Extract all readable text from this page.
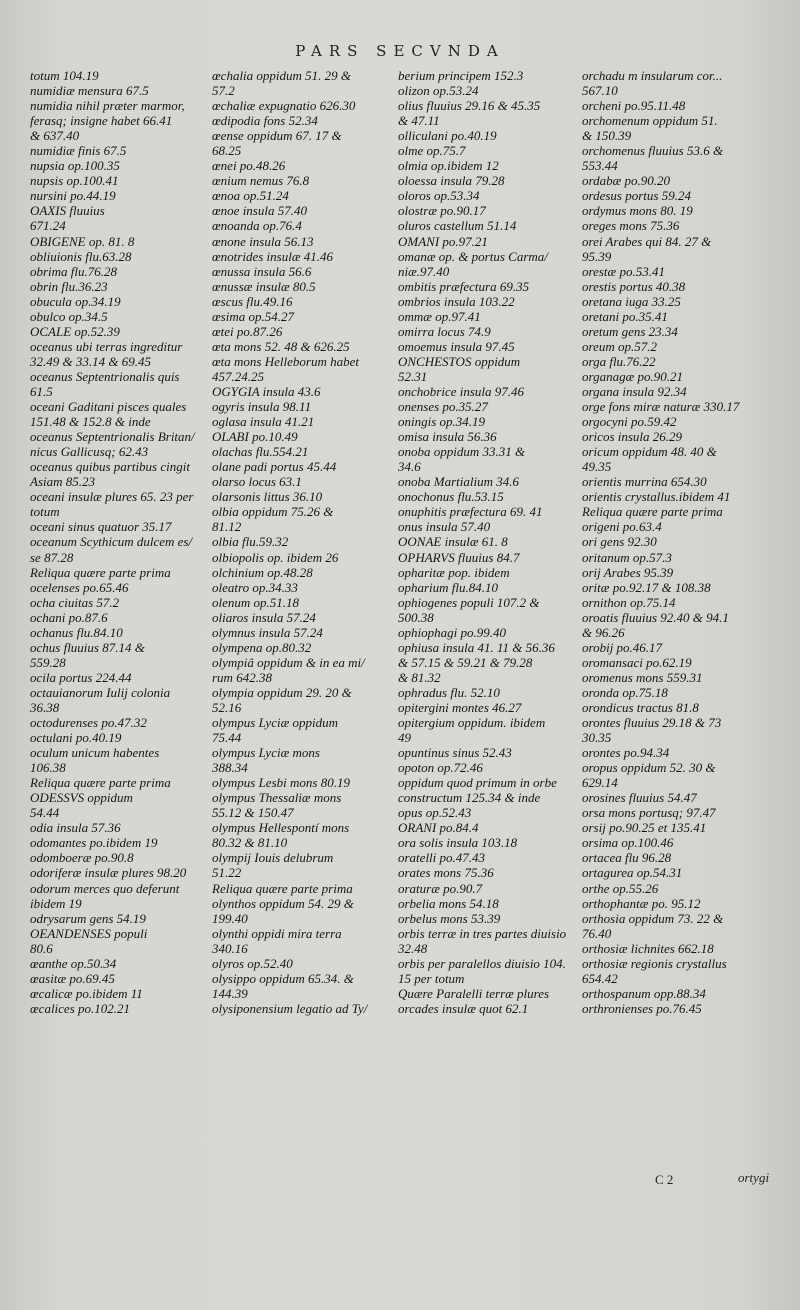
PARS SECVNDA
totum 104.19
numidiæ mensura 67.5
numidia nihil præter marmor,
ferasq; insigne habet 66.41
& 637.40
numidiæ finis 67.5
nupsia op.100.35
nupsis op.100.41
nursini po.44.19
OAXIS fluuius
671.24
OBIGENE op. 81. 8
obliuionis flu.63.28
obrima flu.76.28
obrin flu.36.23
obucula op.34.19
obulco op.34.5
OCALE op.52.39
oceanus ubi terras ingreditur
32.49 & 33.14 & 69.45
oceanus Septentrionalis quis
61.5
oceani Gaditani pisces quales
151.48 & 152.8 & inde
oceanus Septentrionalis Britan/
nicus Gallicusq; 62.43
oceanus quibus partibus cingit
Asiam 85.23
oceani insulæ plures 65. 23 per
totum
oceani sinus quatuor 35.17
oceanum Scythicum dulcem es/
se 87.28
Reliqua quære parte prima
ocelenses po.65.46
ocha ciuitas 57.2
ochani po.87.6
ochanus flu.84.10
ochus fluuius 87.14 &
559.28
ocila portus 224.44
octauianorum Iulij colonia
36.38
octodurenses po.47.32
octulani po.40.19
oculum unicum habentes
106.38
Reliqua quære parte prima
ODESSVS oppidum
54.44
odia insula 57.36
odomantes po.ibidem 19
odomboeræ po.90.8
odoriferæ insulæ plures 98.20
odorum merces quo deferunt
ibidem 19
odrysarum gens 54.19
OEANDENSES populi
80.6
œanthe op.50.34
œasitæ po.69.45
œcalicæ po.ibidem 11
œcalices po.102.21
œchalia oppidum 51. 29 &
57.2
œchaliæ expugnatio 626.30
œdipodia fons 52.34
œense oppidum 67. 17 &
68.25
œnei po.48.26
œnium nemus 76.8
œnoa op.51.24
œnoe insula 57.40
œnoanda op.76.4
œnone insula 56.13
œnotrides insulæ 41.46
œnussa insula 56.6
œnussæ insulæ 80.5
œscus flu.49.16
œsima op.54.27
œtei po.87.26
œta mons 52. 48 & 626.25
œta mons Helleborum habet
457.24.25
OGYGIA insula 43.6
ogyris insula 98.11
oglasa insula 41.21
OLABI po.10.49
olachas flu.554.21
olane padi portus 45.44
olarso locus 63.1
olarsonis littus 36.10
olbia oppidum 75.26 &
81.12
olbia flu.59.32
olbiopolis op. ibidem 26
olchinium op.48.28
oleatro op.34.33
olenum op.51.18
oliaros insula 57.24
olymnus insula 57.24
olympena op.80.32
olympiâ oppidum & in ea mi/
rum 642.38
olympia oppidum 29. 20 &
52.16
olympus Lyciæ oppidum
75.44
olympus Lyciæ mons
388.34
olympus Lesbi mons 80.19
olympus Thessaliæ mons
55.12 & 150.47
olympus Hellespontí mons
80.32 & 81.10
olympij Iouis delubrum
51.22
Reliqua quære parte prima
olynthos oppidum 54. 29 &
199.40
olynthi oppidi mira terra
340.16
olyros op.52.40
olysippo oppidum 65.34. &
144.39
olysiponensium legatio ad Ty/
berium principem 152.3
olizon op.53.24
olius fluuius 29.16 & 45.35
& 47.11
olliculani po.40.19
olme op.75.7
olmia op.ibidem 12
oloessa insula 79.28
oloros op.53.34
olostræ po.90.17
oluros castellum 51.14
OMANI po.97.21
omanæ op. & portus Carma/
niæ.97.40
ombitis præfectura 69.35
ombrios insula 103.22
ommæ op.97.41
omirra locus 74.9
omoemus insula 97.45
ONCHESTOS oppidum
52.31
onchobrice insula 97.46
onenses po.35.27
oningis op.34.19
omisa insula 56.36
onoba oppidum 33.31 &
34.6
onoba Martialium 34.6
onochonus flu.53.15
onuphitis præfectura 69. 41
onus insula 57.40
OONAE insulæ 61. 8
OPHARVS fluuius 84.7
opharitæ pop. ibidem
opharium flu.84.10
ophiogenes populi 107.2 &
500.38
ophiophagi po.99.40
ophiusa insula 41. 11 & 56.36
& 57.15 & 59.21 & 79.28
& 81.32
ophradus flu. 52.10
opitergini montes 46.27
opitergium oppidum. ibidem
49
opuntinus sinus 52.43
opoton op.72.46
oppidum quod primum in orbe
constructum 125.34 & inde
opus op.52.43
ORANI po.84.4
ora solis insula 103.18
oratelli po.47.43
orates mons 75.36
oraturæ po.90.7
orbelia mons 54.18
orbelus mons 53.39
orbis terræ in tres partes diuisio
32.48
orbis per paralellos diuisio 104.
15 per totum
Quære Paralelli terræ plures
orcades insulæ quot 62.1
orchadu m insularum cor...
567.10
orcheni po.95.11.48
orchomenum oppidum 51.
& 150.39
orchomenus fluuius 53.6 &
553.44
ordabæ po.90.20
ordesus portus 59.24
ordymus mons 80. 19
oreges mons 75.36
orei Arabes qui 84. 27 &
95.39
orestæ po.53.41
orestis portus 40.38
oretana iuga 33.25
oretani po.35.41
oretum gens 23.34
oreum op.57.2
orga flu.76.22
organagæ po.90.21
organa insula 92.34
orge fons miræ naturæ 330.17
orgocyni po.59.42
oricos insula 26.29
oricum oppidum 48. 40 &
49.35
orientis murrina 654.30
orientis crystallus.ibidem 41
Reliqua quære parte prima
origeni po.63.4
ori gens 92.30
oritanum op.57.3
orij Arabes 95.39
oritæ po.92.17 & 108.38
ornithon op.75.14
oroatis fluuius 92.40 & 94.1
& 96.26
orobij po.46.17
oromansaci po.62.19
oromenus mons 559.31
oronda op.75.18
orondicus tractus 81.8
orontes fluuius 29.18 & 73
30.35
orontes po.94.34
oropus oppidum 52. 30 &
629.14
orosines fluuius 54.47
orsa mons portusq; 97.47
orsij po.90.25 et 135.41
orsima op.100.46
ortacea flu 96.28
ortagurea op.54.31
orthe op.55.26
orthophantæ po. 95.12
orthosia oppidum 73. 22 &
76.40
orthosiæ lichnites 662.18
orthosiæ regionis crystallus
654.42
orthospanum opp.88.34
orthronienses po.76.45
C 2	ortygi
